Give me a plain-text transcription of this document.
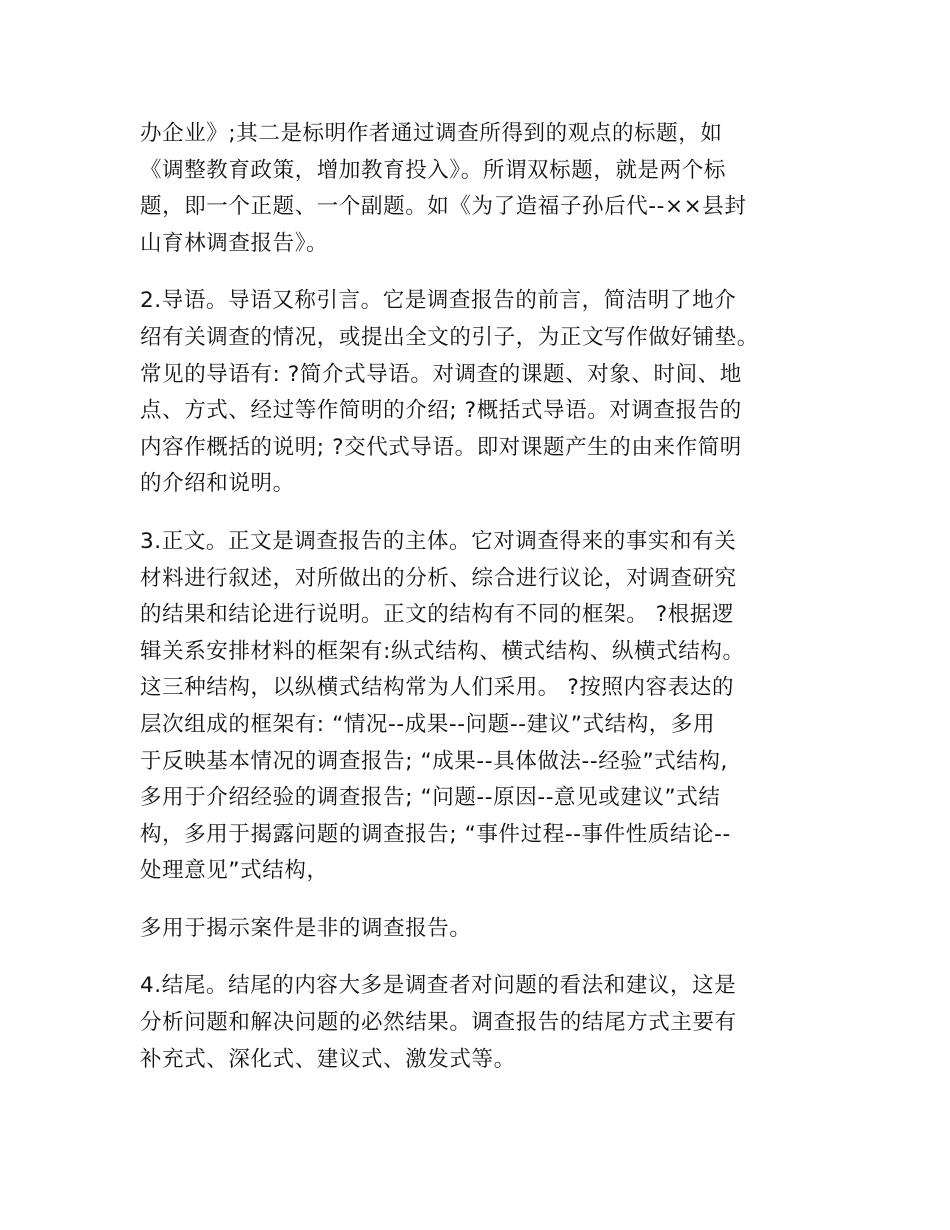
办企业》;其二是标明作者通过调查所得到的观点的标题，如
《调整教育政策，增加教育投入》。所谓双标题，就是两个标
题，即一个正题、一个副题。如《为了造福子孙后代--××县封
山育林调查报告》。

2.导语。导语又称引言。它是调查报告的前言，简洁明了地介
绍有关调查的情况，或提出全文的引子，为正文写作做好铺垫。
常见的导语有: ?简介式导语。对调查的课题、对象、时间、地
点、方式、经过等作简明的介绍; ?概括式导语。对调查报告的
内容作概括的说明; ?交代式导语。即对课题产生的由来作简明
的介绍和说明。

3.正文。正文是调查报告的主体。它对调查得来的事实和有关
材料进行叙述，对所做出的分析、综合进行议论，对调查研究
的结果和结论进行说明。正文的结构有不同的框架。 ?根据逻
辑关系安排材料的框架有:纵式结构、横式结构、纵横式结构。
这三种结构，以纵横式结构常为人们采用。 ?按照内容表达的
层次组成的框架有: “情况--成果--问题--建议”式结构，多用
于反映基本情况的调查报告; “成果--具体做法--经验”式结构,
多用于介绍经验的调查报告; “问题--原因--意见或建议”式结
构，多用于揭露问题的调查报告; “事件过程--事件性质结论--
处理意见”式结构，

多用于揭示案件是非的调查报告。

4.结尾。结尾的内容大多是调查者对问题的看法和建议，这是
分析问题和解决问题的必然结果。调查报告的结尾方式主要有
补充式、深化式、建议式、激发式等。
